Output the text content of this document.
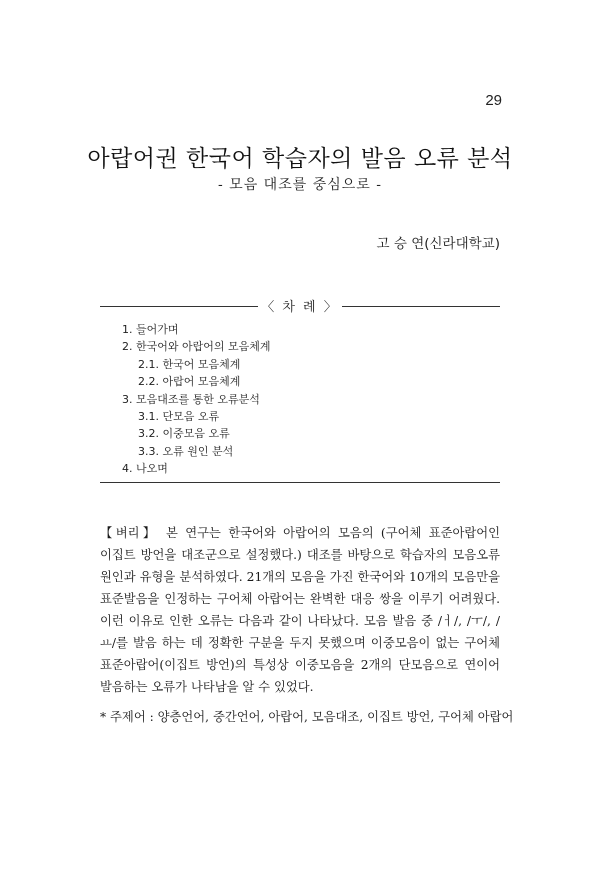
29
아랍어권 한국어 학습자의 발음 오류 분석
- 모음 대조를 중심으로 -
고 승 연(신라대학교)
〈 차 례 〉
1. 들어가며
2. 한국어와 아랍어의 모음체계
2.1. 한국어 모음체계
2.2. 아랍어 모음체계
3. 모음대조를 통한 오류분석
3.1. 단모음 오류
3.2. 이중모음 오류
3.3. 오류 원인 분석
4. 나오며
【벼리】 본 연구는 한국어와 아랍어의 모음의 (구어체 표준아랍어인 이집트 방언을 대조군으로 설정했다.) 대조를 바탕으로 학습자의 모음오류 원인과 유형을 분석하였다. 21개의 모음을 가진 한국어와 10개의 모음만을 표준발음을 인정하는 구어체 아랍어는 완벽한 대응 쌍을 이루기 어려웠다. 이런 이유로 인한 오류는 다음과 같이 나타났다. 모음 발음 중 /ㅓ/, /ㅜ/, /ㅛ/를 발음 하는 데 정확한 구분을 두지 못했으며 이중모음이 없는 구어체 표준아랍어(이집트 방언)의 특성상 이중모음을 2개의 단모음으로 연이어 발음하는 오류가 나타남을 알 수 있었다.
* 주제어 : 양층언어, 중간언어, 아랍어, 모음대조, 이집트 방언, 구어체 아랍어
